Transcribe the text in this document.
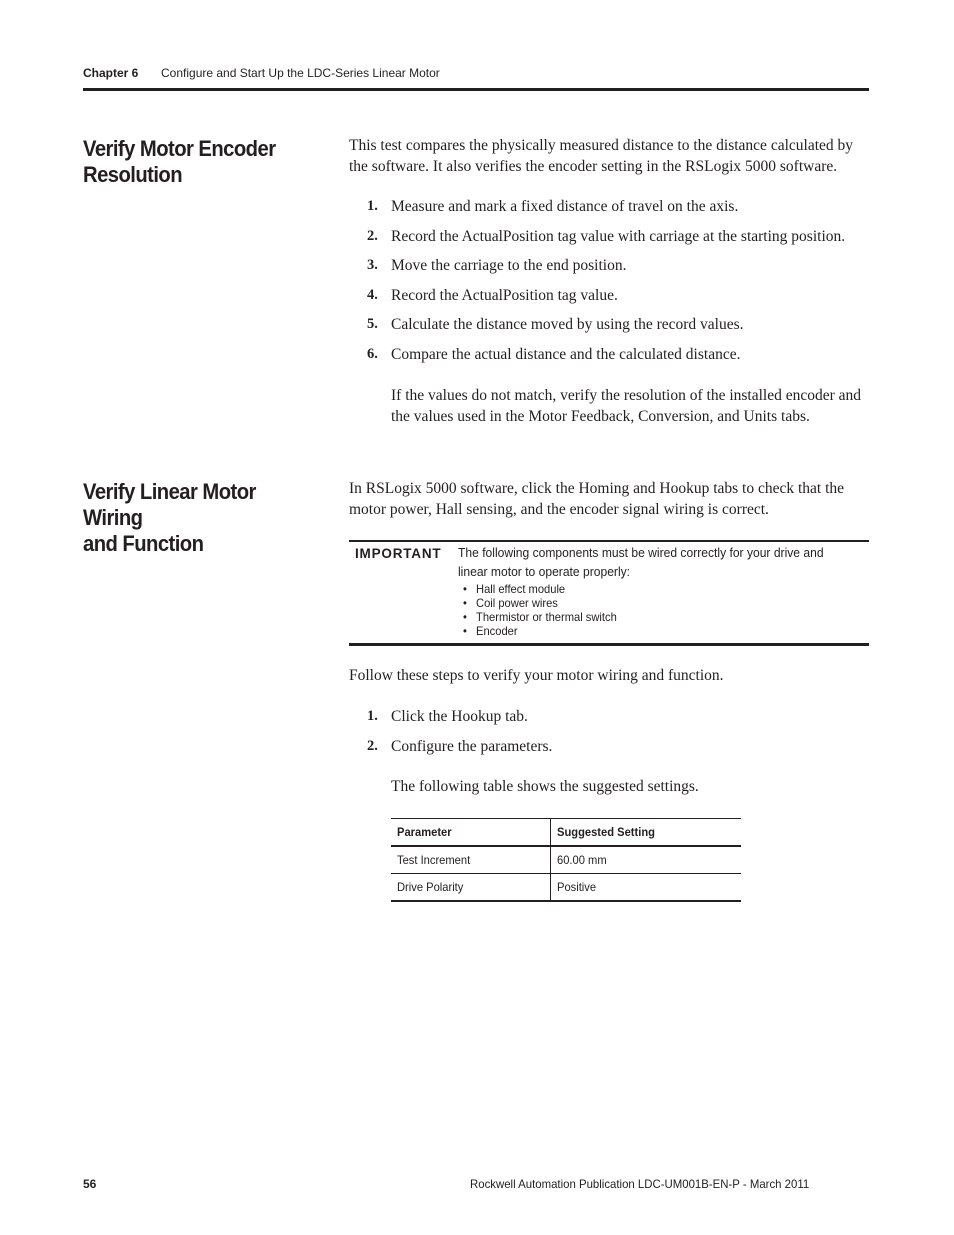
Chapter 6 Configure and Start Up the LDC-Series Linear Motor
Verify Motor Encoder
Resolution
This test compares the physically measured distance to the distance calculated by the software. It also verifies the encoder setting in the RSLogix 5000 software.
1. Measure and mark a fixed distance of travel on the axis.
2. Record the ActualPosition tag value with carriage at the starting position.
3. Move the carriage to the end position.
4. Record the ActualPosition tag value.
5. Calculate the distance moved by using the record values.
6. Compare the actual distance and the calculated distance.
If the values do not match, verify the resolution of the installed encoder and the values used in the Motor Feedback, Conversion, and Units tabs.
Verify Linear Motor Wiring
and Function
In RSLogix 5000 software, click the Homing and Hookup tabs to check that the motor power, Hall sensing, and the encoder signal wiring is correct.
IMPORTANT The following components must be wired correctly for your drive and linear motor to operate properly:
• Hall effect module
• Coil power wires
• Thermistor or thermal switch
• Encoder
Follow these steps to verify your motor wiring and function.
1. Click the Hookup tab.
2. Configure the parameters.
The following table shows the suggested settings.
Parameter	Suggested Setting
Test Increment	60.00 mm
Drive Polarity	Positive
56	Rockwell Automation Publication LDC-UM001B-EN-P - March 2011
